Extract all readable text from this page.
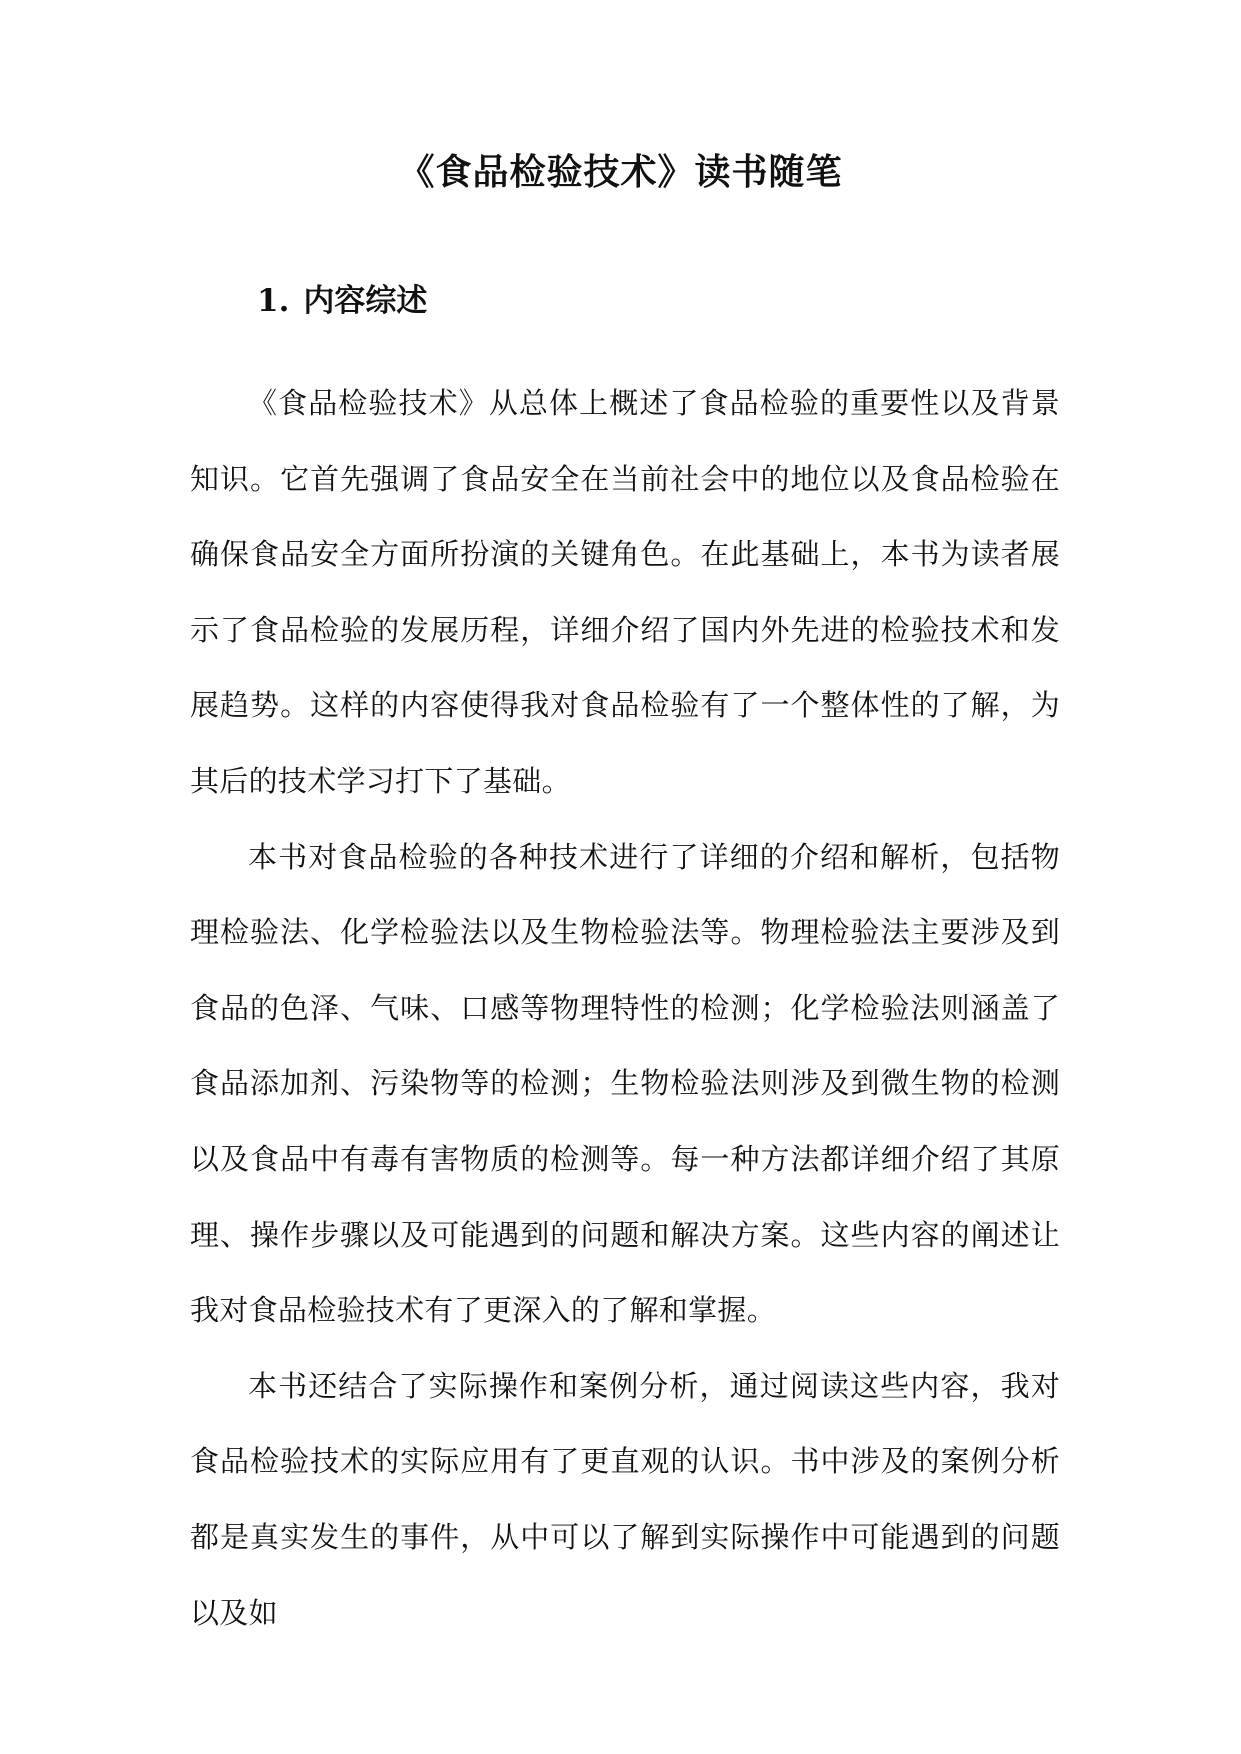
《食品检验技术》读书随笔
1. 内容综述

《食品检验技术》从总体上概述了食品检验的重要性以及背景知识。它首先强调了食品安全在当前社会中的地位以及食品检验在确保食品安全方面所扮演的关键角色。在此基础上，本书为读者展示了食品检验的发展历程，详细介绍了国内外先进的检验技术和发展趋势。这样的内容使得我对食品检验有了一个整体性的了解，为其后的技术学习打下了基础。

本书对食品检验的各种技术进行了详细的介绍和解析，包括物理检验法、化学检验法以及生物检验法等。物理检验法主要涉及到食品的色泽、气味、口感等物理特性的检测；化学检验法则涵盖了食品添加剂、污染物等的检测；生物检验法则涉及到微生物的检测以及食品中有毒有害物质的检测等。每一种方法都详细介绍了其原理、操作步骤以及可能遇到的问题和解决方案。这些内容的阐述让我对食品检验技术有了更深入的了解和掌握。

本书还结合了实际操作和案例分析，通过阅读这些内容，我对食品检验技术的实际应用有了更直观的认识。书中涉及的案例分析都是真实发生的事件，从中可以了解到实际操作中可能遇到的问题以及如
